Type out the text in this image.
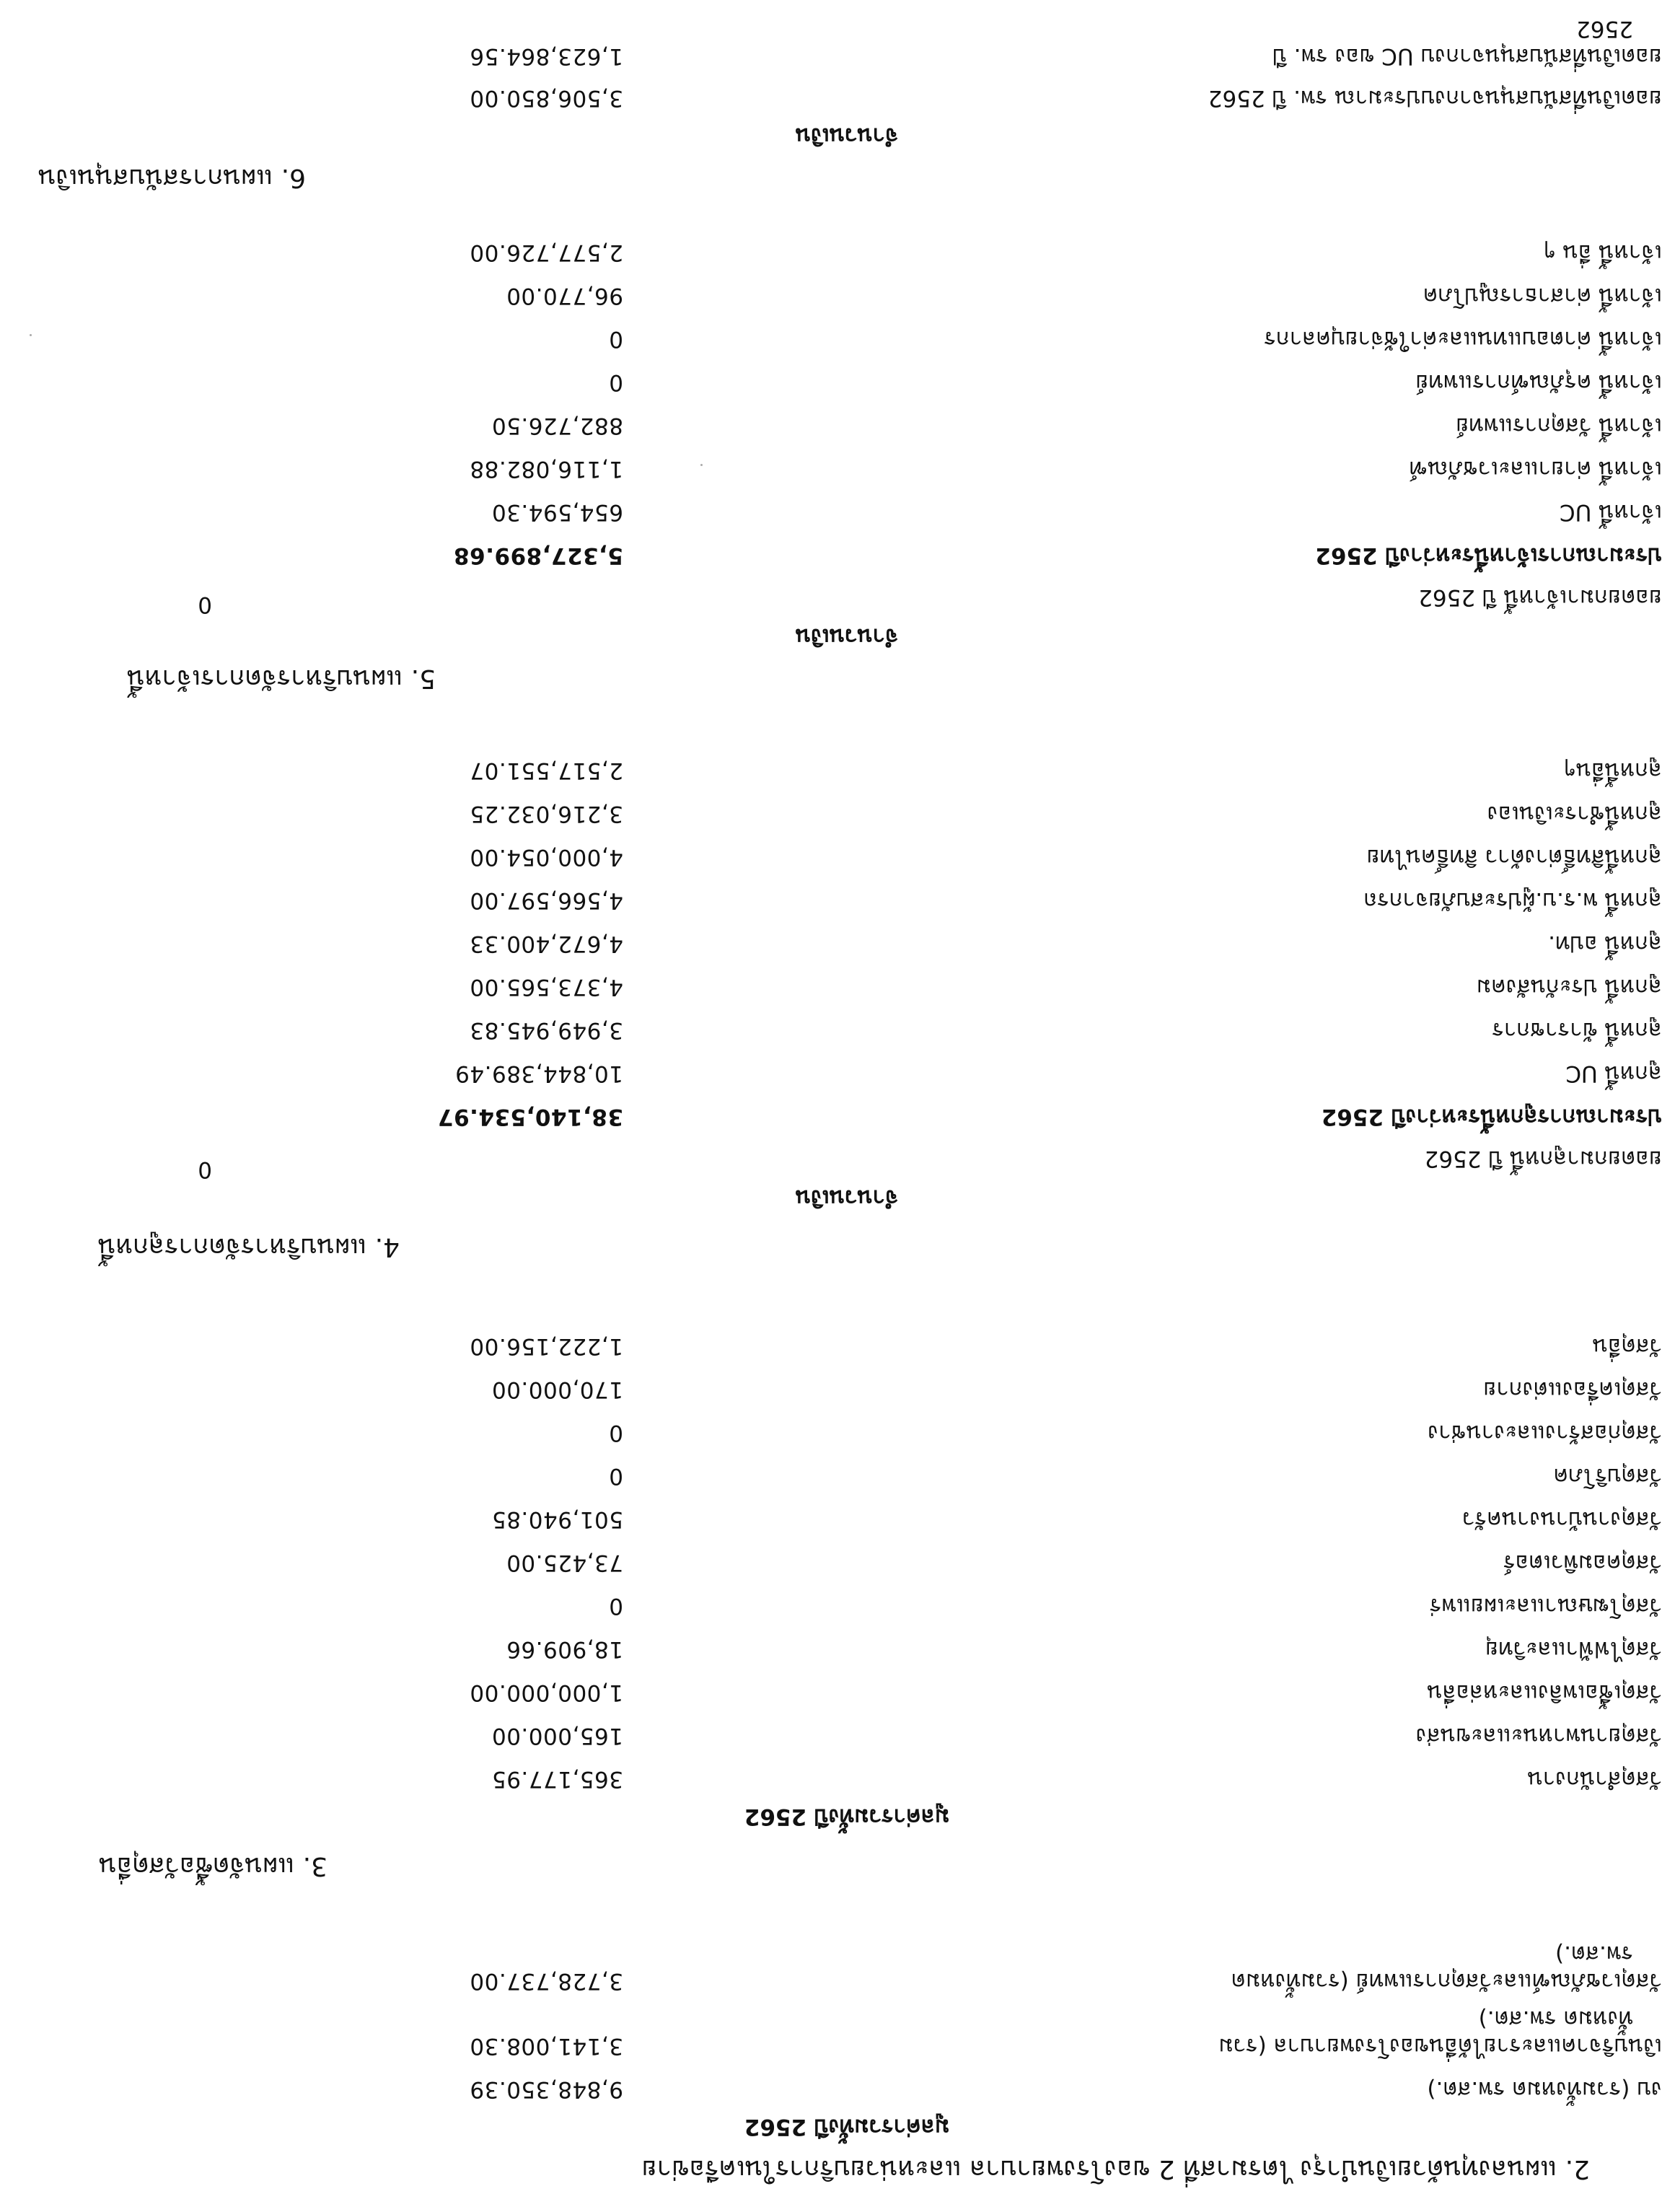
2. แผนลงทุนด้วยเงินบำรุง ไตรมาสที่ 2 ของโรงพยาบาล และหน่วยบริการในเครือข่าย
มูลค่ารวมทั้งปี 2562
งบ (รวมทั้งหมด รพ.สต.)
9,848,350.39
เงินบริจาคและรายได้อื่นของโรงพยาบาล (รวม
ทั้งหมด รพ.สต.)
3,141,008.30
วัสดุเวชภัณฑ์และวัสดุการแพทย์ (รวมทั้งหมด
รพ.สต.)
3,728,737.00
3. แผนจัดซื้อวัสดุอื่น
มูลค่ารวมทั้งปี 2562
วัสดุสำนักงาน
365,177.95
วัสดุยานพาหนะและขนส่ง
165,000.00
วัสดุเชื้อเพลิงและหล่อลื่น
1,000,000.00
วัสดุไฟฟ้าและวิทยุ
18,909.66
วัสดุโฆษณาและเผยแพร่
0
วัสดุคอมพิวเตอร์
73,425.00
วัสดุงานบ้านงานครัว
501,940.85
วัสดุบริโภค
0
วัสดุก่อสร้างและงานช่าง
0
วัสดุเครื่องแต่งกาย
170,000.00
วัสดุอื่น
1,222,156.00
4. แผนบริหารจัดการลูกหนี้
จำนวนเงิน
0	ยอดยกมาลูกหนี้ ปี 2562
ประมาณการลูกหนี้ระหว่างปี 2562
38,140,534.97
ลูกหนี้ UC
10,844,389.49
ลูกหนี้ ข้าราชการ
3,949,945.83
ลูกหนี้ ประกันสังคม
4,373,565.00
ลูกหนี้ อปท.
4,672,400.33
ลูกหนี้ พ.ร.บ.ผู้ประสบภัยจากรถ
4,566,597.00
ลูกหนี้สิทธิ์ต่างด้าว สิทธิ์คนไทย
4,000,054.00
ลูกหนี้ชำระเงินเอง
3,216,032.25
ลูกหนี้อื่นๆ
2,517,551.07
5. แผนบริหารจัดการเจ้าหนี้
จำนวนเงิน
0	ยอดยกมาเจ้าหนี้ ปี 2562
ประมาณการเจ้าหนี้ระหว่างปี 2562
5,327,899.68
เจ้าหนี้ UC
654,594.30
เจ้าหนี้ ค่ายาและเวชภัณฑ์
1,116,082.88
เจ้าหนี้ วัสดุการแพทย์
882,726.50
เจ้าหนี้ ครุภัณฑ์การแพทย์
0
เจ้าหนี้ ค่าตอบแทนและค่าใช้จ่ายบุคลากร
0
เจ้าหนี้ ค่าสาธารณูปโภค
96,770.00
เจ้าหนี้ อื่น ๆ
2,577,726.00
6. แผนการสนับสนุนเงิน
จำนวนเงิน
ยอดเงินที่สนับสนุนจากงบประมาณ รพ. ปี 2562
3,506,850.00
ยอดเงินที่สนับสนุนจากงบ UC ของ รพ. ปี
2562
1,623,864.56
